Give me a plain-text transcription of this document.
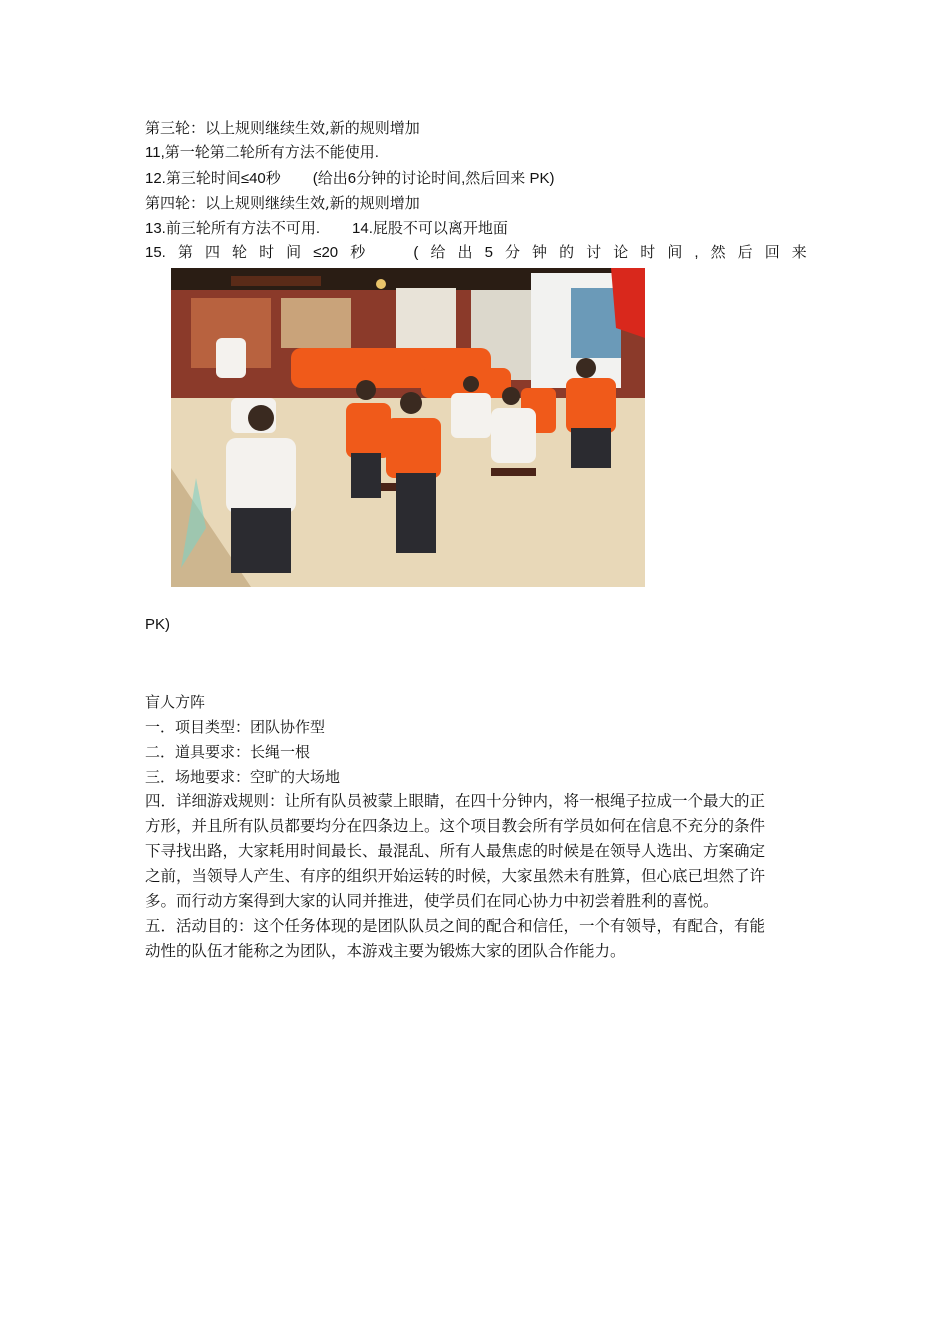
第三轮：以上规则继续生效,新的规则增加
11,第一轮第二轮所有方法不能使用.
12.第三轮时间≤40秒 (给出6分钟的讨论时间,然后回来 PK)
第四轮：以上规则继续生效,新的规则增加
13.前三轮所有方法不可用. 14.屁股不可以离开地面
15. 第 四 轮 时 间 ≤20 秒	( 给 出 5 分 钟 的 讨 论 时 间 , 然 后 回 来
PK)
盲人方阵
一．项目类型：团队协作型
二．道具要求：长绳一根
三．场地要求：空旷的大场地
四．详细游戏规则：让所有队员被蒙上眼睛，在四十分钟内，将一根绳子拉成一个最大的正
方形，并且所有队员都要均分在四条边上。这个项目教会所有学员如何在信息不充分的条件
下寻找出路，大家耗用时间最长、最混乱、所有人最焦虑的时候是在领导人选出、方案确定
之前，当领导人产生、有序的组织开始运转的时候，大家虽然未有胜算，但心底已坦然了许
多。而行动方案得到大家的认同并推进，使学员们在同心协力中初尝着胜利的喜悦。
五．活动目的：这个任务体现的是团队队员之间的配合和信任，一个有领导，有配合，有能
动性的队伍才能称之为团队，本游戏主要为锻炼大家的团队合作能力。
